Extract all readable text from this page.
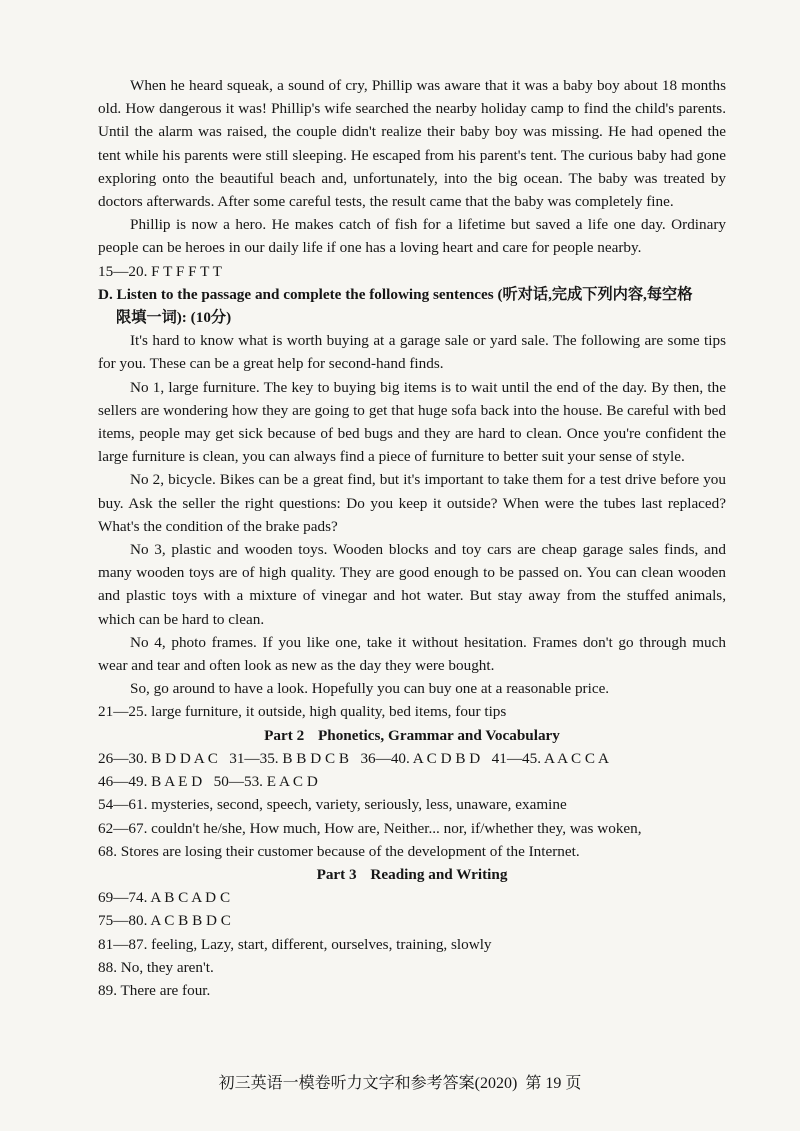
When he heard squeak, a sound of cry, Phillip was aware that it was a baby boy about 18 months old. How dangerous it was! Phillip's wife searched the nearby holiday camp to find the child's parents. Until the alarm was raised, the couple didn't realize their baby boy was missing. He had opened the tent while his parents were still sleeping. He escaped from his parent's tent. The curious baby had gone exploring onto the beautiful beach and, unfortunately, into the big ocean. The baby was treated by doctors afterwards. After some careful tests, the result came that the baby was completely fine.

Phillip is now a hero. He makes catch of fish for a lifetime but saved a life one day. Ordinary people can be heroes in our daily life if one has a loving heart and care for people nearby.

15—20. F T F F T T

D. Listen to the passage and complete the following sentences (听对话,完成下列内容,每空格
限填一词): (10分)

It's hard to know what is worth buying at a garage sale or yard sale. The following are some tips for you. These can be a great help for second-hand finds.

No 1, large furniture. The key to buying big items is to wait until the end of the day. By then, the sellers are wondering how they are going to get that huge sofa back into the house. Be careful with bed items, people may get sick because of bed bugs and they are hard to clean. Once you're confident the large furniture is clean, you can always find a piece of furniture to better suit your sense of style.

No 2, bicycle. Bikes can be a great find, but it's important to take them for a test drive before you buy. Ask the seller the right questions: Do you keep it outside? When were the tubes last replaced? What's the condition of the brake pads?

No 3, plastic and wooden toys. Wooden blocks and toy cars are cheap garage sales finds, and many wooden toys are of high quality. They are good enough to be passed on. You can clean wooden and plastic toys with a mixture of vinegar and hot water. But stay away from the stuffed animals, which can be hard to clean.

No 4, photo frames. If you like one, take it without hesitation. Frames don't go through much wear and tear and often look as new as the day they were bought.

So, go around to have a look. Hopefully you can buy one at a reasonable price.

21—25. large furniture, it outside, high quality, bed items, four tips

Part 2 Phonetics, Grammar and Vocabulary

26—30. B D D A C   31—35. B B D C B   36—40. A C D B D   41—45. A A C C A

46—49. B A E D   50—53. E A C D

54—61. mysteries, second, speech, variety, seriously, less, unaware, examine

62—67. couldn't he/she, How much, How are, Neither... nor, if/whether they, was woken,

68. Stores are losing their customer because of the development of the Internet.

Part 3 Reading and Writing

69—74. A B C A D C

75—80. A C B B D C

81—87. feeling, Lazy, start, different, ourselves, training, slowly

88. No, they aren't.

89. There are four.

初三英语一模卷听力文字和参考答案(2020)  第 19 页
